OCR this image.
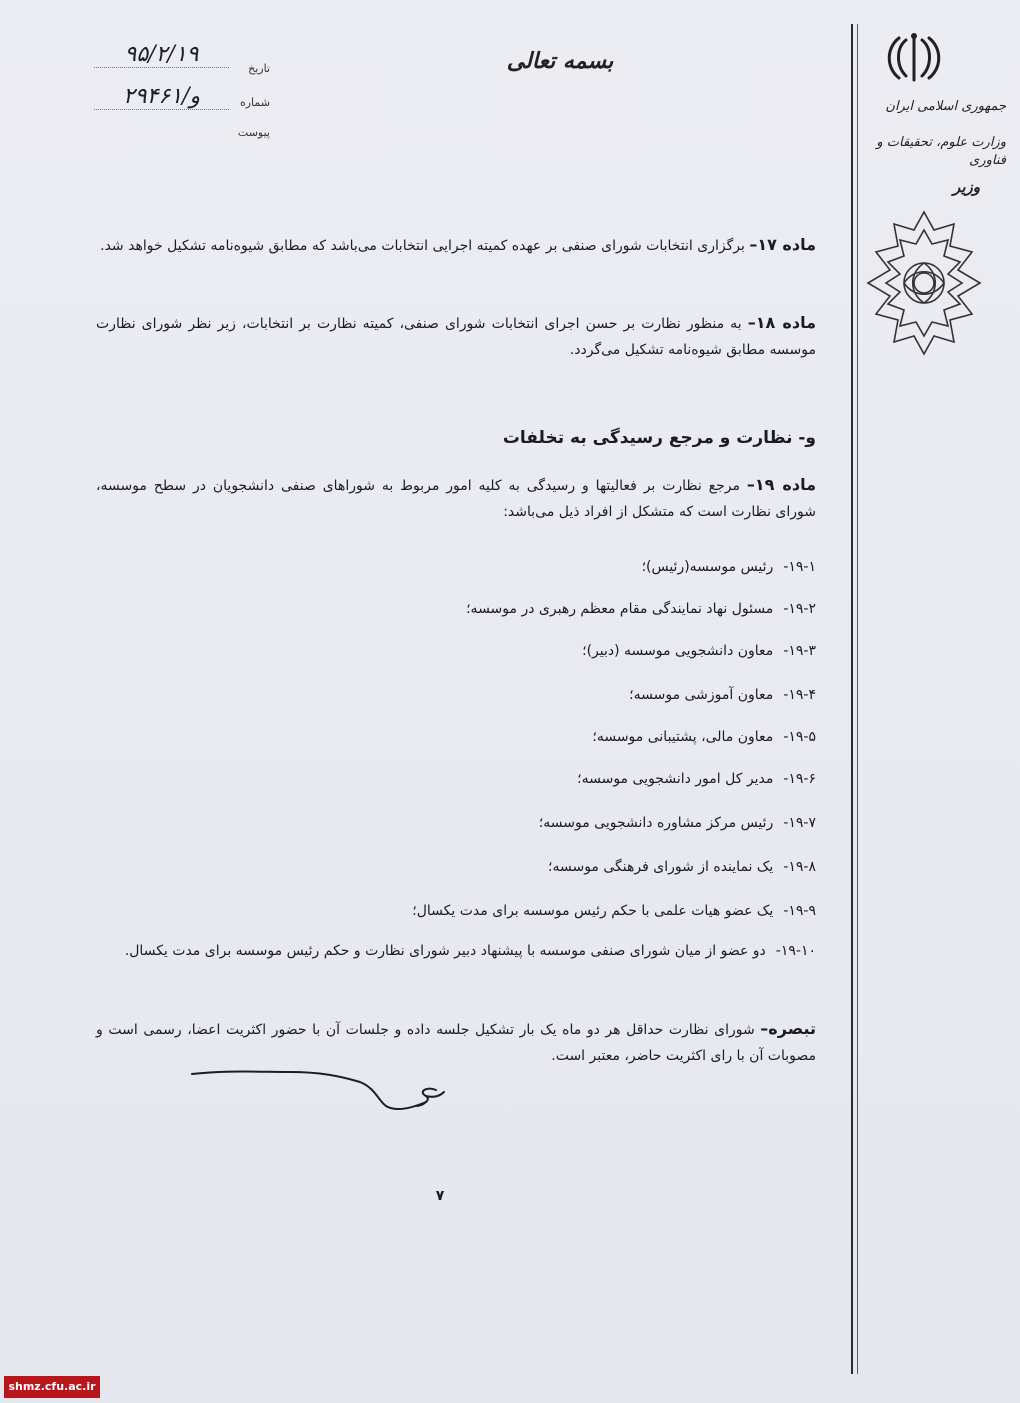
جمهوری اسلامی ایران
وزارت علوم، تحقیقات و فناوری
وزیر
بسمه تعالی
تاریخ
۹۵/۲/۱۹
شماره
۲۹۴۶۱/و
پیوست
ماده ۱۷– برگزاری انتخابات شورای صنفی بر عهده کمیته اجرایی انتخابات می‌باشد که مطابق شیوه‌نامه تشکیل خواهد شد.
ماده ۱۸– به منظور نظارت بر حسن اجرای انتخابات شورای صنفی، کمیته نظارت بر انتخابات، زیر نظر شورای نظارت موسسه مطابق شیوه‌نامه تشکیل می‌گردد.
و- نظارت و مرجع رسیدگی به تخلفات
ماده ۱۹– مرجع نظارت بر فعالیتها و رسیدگی به کلیه امور مربوط به شوراهای صنفی دانشجویان در سطح موسسه، شورای نظارت است که متشکل از افراد ذیل می‌باشد:
۱۹-۱-رئیس موسسه(رئیس)؛
۱۹-۲-مسئول نهاد نمایندگی مقام معظم رهبری در موسسه؛
۱۹-۳-معاون دانشجویی موسسه (دبیر)؛
۱۹-۴-معاون آموزشی موسسه؛
۱۹-۵-معاون مالی، پشتیبانی موسسه؛
۱۹-۶-مدیر کل امور دانشجویی موسسه؛
۱۹-۷-رئیس مرکز مشاوره دانشجویی موسسه؛
۱۹-۸-یک نماینده از شورای فرهنگی موسسه؛
۱۹-۹-یک عضو هیات علمی با حکم رئیس موسسه برای مدت یکسال؛
۱۹-۱۰-دو عضو از میان شورای صنفی موسسه با پیشنهاد دبیر شورای نظارت و حکم رئیس موسسه برای مدت یکسال.
تبصره– شورای نظارت حداقل هر دو ماه یک بار تشکیل جلسه داده و جلسات آن با حضور اکثریت اعضا، رسمی است و مصوبات آن با رای اکثریت حاضر، معتبر است.
۷
shmz.cfu.ac.ir
